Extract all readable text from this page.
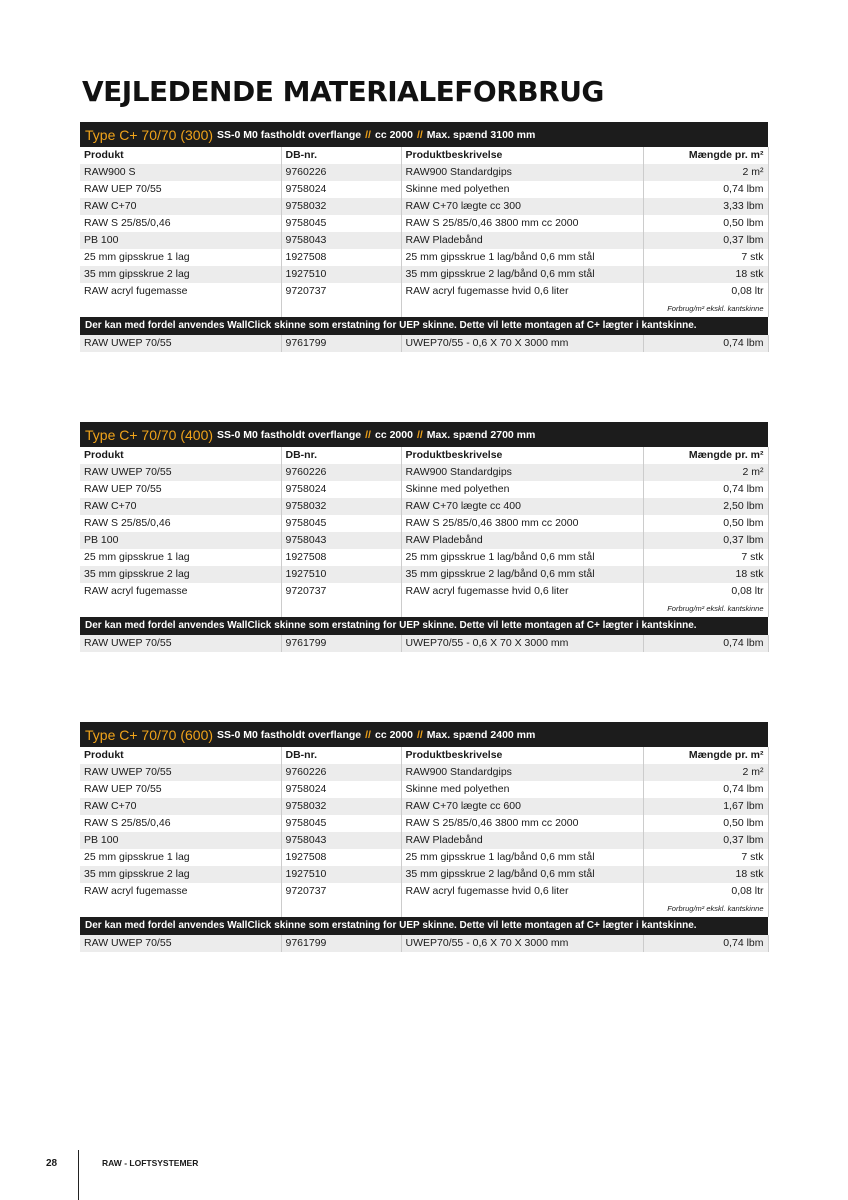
VEJLEDENDE MATERIALEFORBRUG
Type C+ 70/70 (300) SS-0 M0 fastholdt overflange // cc 2000 // Max. spænd 3100 mm
Produkt	DB-nr.	Produktbeskrivelse	Mængde pr. m²
RAW900 S	9760226	RAW900 Standardgips	2 m²
RAW UEP 70/55	9758024	Skinne med polyethen	0,74 lbm
RAW C+70	9758032	RAW C+70 lægte cc 300	3,33 lbm
RAW S 25/85/0,46	9758045	RAW S 25/85/0,46 3800 mm cc 2000	0,50 lbm
PB 100	9758043	RAW Pladebånd	0,37 lbm
25 mm gipsskrue 1 lag	1927508	25 mm gipsskrue 1 lag/bånd 0,6 mm stål	7 stk
35 mm gipsskrue 2 lag	1927510	35 mm gipsskrue 2 lag/bånd 0,6 mm stål	18 stk
RAW acryl fugemasse	9720737	RAW acryl fugemasse hvid 0,6 liter	0,08 ltr
			Forbrug/m² ekskl. kantskinne
Der kan med fordel anvendes WallClick skinne som erstatning for UEP skinne. Dette vil lette montagen af C+ lægter i kantskinne.
RAW UWEP 70/55	9761799	UWEP70/55 - 0,6 X 70 X 3000 mm	0,74 lbm
Type C+ 70/70 (400) SS-0 M0 fastholdt overflange // cc 2000 // Max. spænd 2700 mm
Produkt	DB-nr.	Produktbeskrivelse	Mængde pr. m²
RAW UWEP 70/55	9760226	RAW900 Standardgips	2 m²
RAW UEP 70/55	9758024	Skinne med polyethen	0,74 lbm
RAW C+70	9758032	RAW C+70 lægte cc 400	2,50 lbm
RAW S 25/85/0,46	9758045	RAW S 25/85/0,46 3800 mm cc 2000	0,50 lbm
PB 100	9758043	RAW Pladebånd	0,37 lbm
25 mm gipsskrue 1 lag	1927508	25 mm gipsskrue 1 lag/bånd 0,6 mm stål	7 stk
35 mm gipsskrue 2 lag	1927510	35 mm gipsskrue 2 lag/bånd 0,6 mm stål	18 stk
RAW acryl fugemasse	9720737	RAW acryl fugemasse hvid 0,6 liter	0,08 ltr
			Forbrug/m² ekskl. kantskinne
Der kan med fordel anvendes WallClick skinne som erstatning for UEP skinne. Dette vil lette montagen af C+ lægter i kantskinne.
RAW UWEP 70/55	9761799	UWEP70/55 - 0,6 X 70 X 3000 mm	0,74 lbm
Type C+ 70/70 (600) SS-0 M0 fastholdt overflange // cc 2000 // Max. spænd 2400 mm
Produkt	DB-nr.	Produktbeskrivelse	Mængde pr. m²
RAW UWEP 70/55	9760226	RAW900 Standardgips	2 m²
RAW UEP 70/55	9758024	Skinne med polyethen	0,74 lbm
RAW C+70	9758032	RAW C+70 lægte cc 600	1,67 lbm
RAW S 25/85/0,46	9758045	RAW S 25/85/0,46 3800 mm cc 2000	0,50 lbm
PB 100	9758043	RAW Pladebånd	0,37 lbm
25 mm gipsskrue 1 lag	1927508	25 mm gipsskrue 1 lag/bånd 0,6 mm stål	7 stk
35 mm gipsskrue 2 lag	1927510	35 mm gipsskrue 2 lag/bånd 0,6 mm stål	18 stk
RAW acryl fugemasse	9720737	RAW acryl fugemasse hvid 0,6 liter	0,08 ltr
			Forbrug/m² ekskl. kantskinne
Der kan med fordel anvendes WallClick skinne som erstatning for UEP skinne. Dette vil lette montagen af C+ lægter i kantskinne.
RAW UWEP 70/55	9761799	UWEP70/55 - 0,6 X 70 X 3000 mm	0,74 lbm
28	RAW - LOFTSYSTEMER
